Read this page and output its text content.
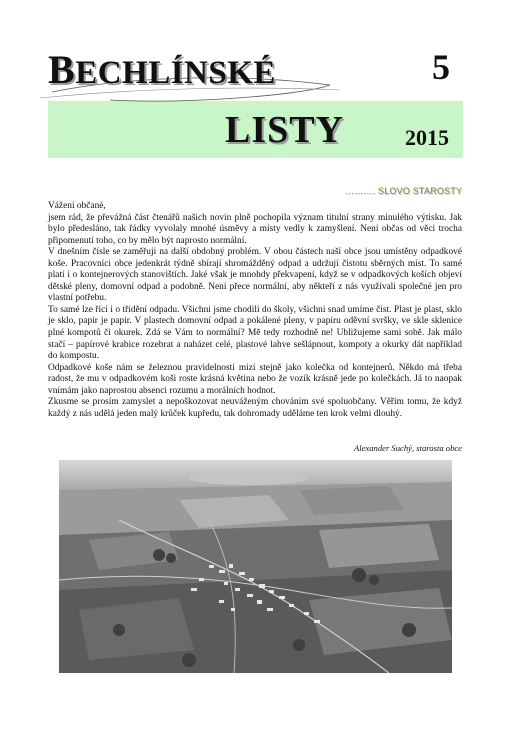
BECHLÍNSKÉ	5
LISTY	2015
………. SLOVO STAROSTY

Vážení občané,

jsem rád, že převážná část čtenářů našich novin plně pochopila význam titulní strany minulého výtisku. Jak bylo předesláno, tak řádky vyvolaly mnohé úsměvy a místy vedly k zamyšlení. Není občas od věci trocha připomenutí toho, co by mělo být naprosto normální.

V dnešním čísle se zaměřuji na další obdobný problém. V obou částech naší obce jsou umístěny odpadkové koše. Pracovníci obce jedenkrát týdně sbírají shromážděný odpad a udržují čistotu sběrných míst. To samé platí i o kontejnerových stanovištích. Jaké však je mnohdy překvapení, když se v odpadkových koších objeví dětské pleny, domovní odpad a podobně. Není přece normální, aby někteří z nás využívali společné jen pro vlastní potřebu.

To samé lze říci i o třídění odpadu. Všichni jsme chodili do školy, všichni snad umíme číst. Plast je plast, sklo je sklo, papír je papír. V plastech domovní odpad a pokálené pleny, v papíru oděvní svršky, ve skle sklenice plné kompotů či okurek. Zdá se Vám to normální? Mě tedy rozhodně ne! Ubližujeme sami sobě. Jak málo stačí – papírové krabice rozebrat a naházet celé, plastové lahve sešlápnout, kompoty a okurky dát například do kompostu.

Odpadkové koše nám se železnou pravidelností mizí stejně jako kolečka od kontejnerů. Někdo má třeba radost, že mu v odpadkovém koši roste krásná květina nebo že vozík krásně jede po kolečkách. Já to naopak vnímám jako naprostou absenci rozumu a morálních hodnot.

Zkusme se prosím zamyslet a nepoškozovat neuváženým chováním své spoluobčany. Věřím tomu, že když každý z nás udělá jeden malý krůček kupředu, tak dohromady uděláme ten krok velmi dlouhý.

Alexander Suchý, starosta obce
